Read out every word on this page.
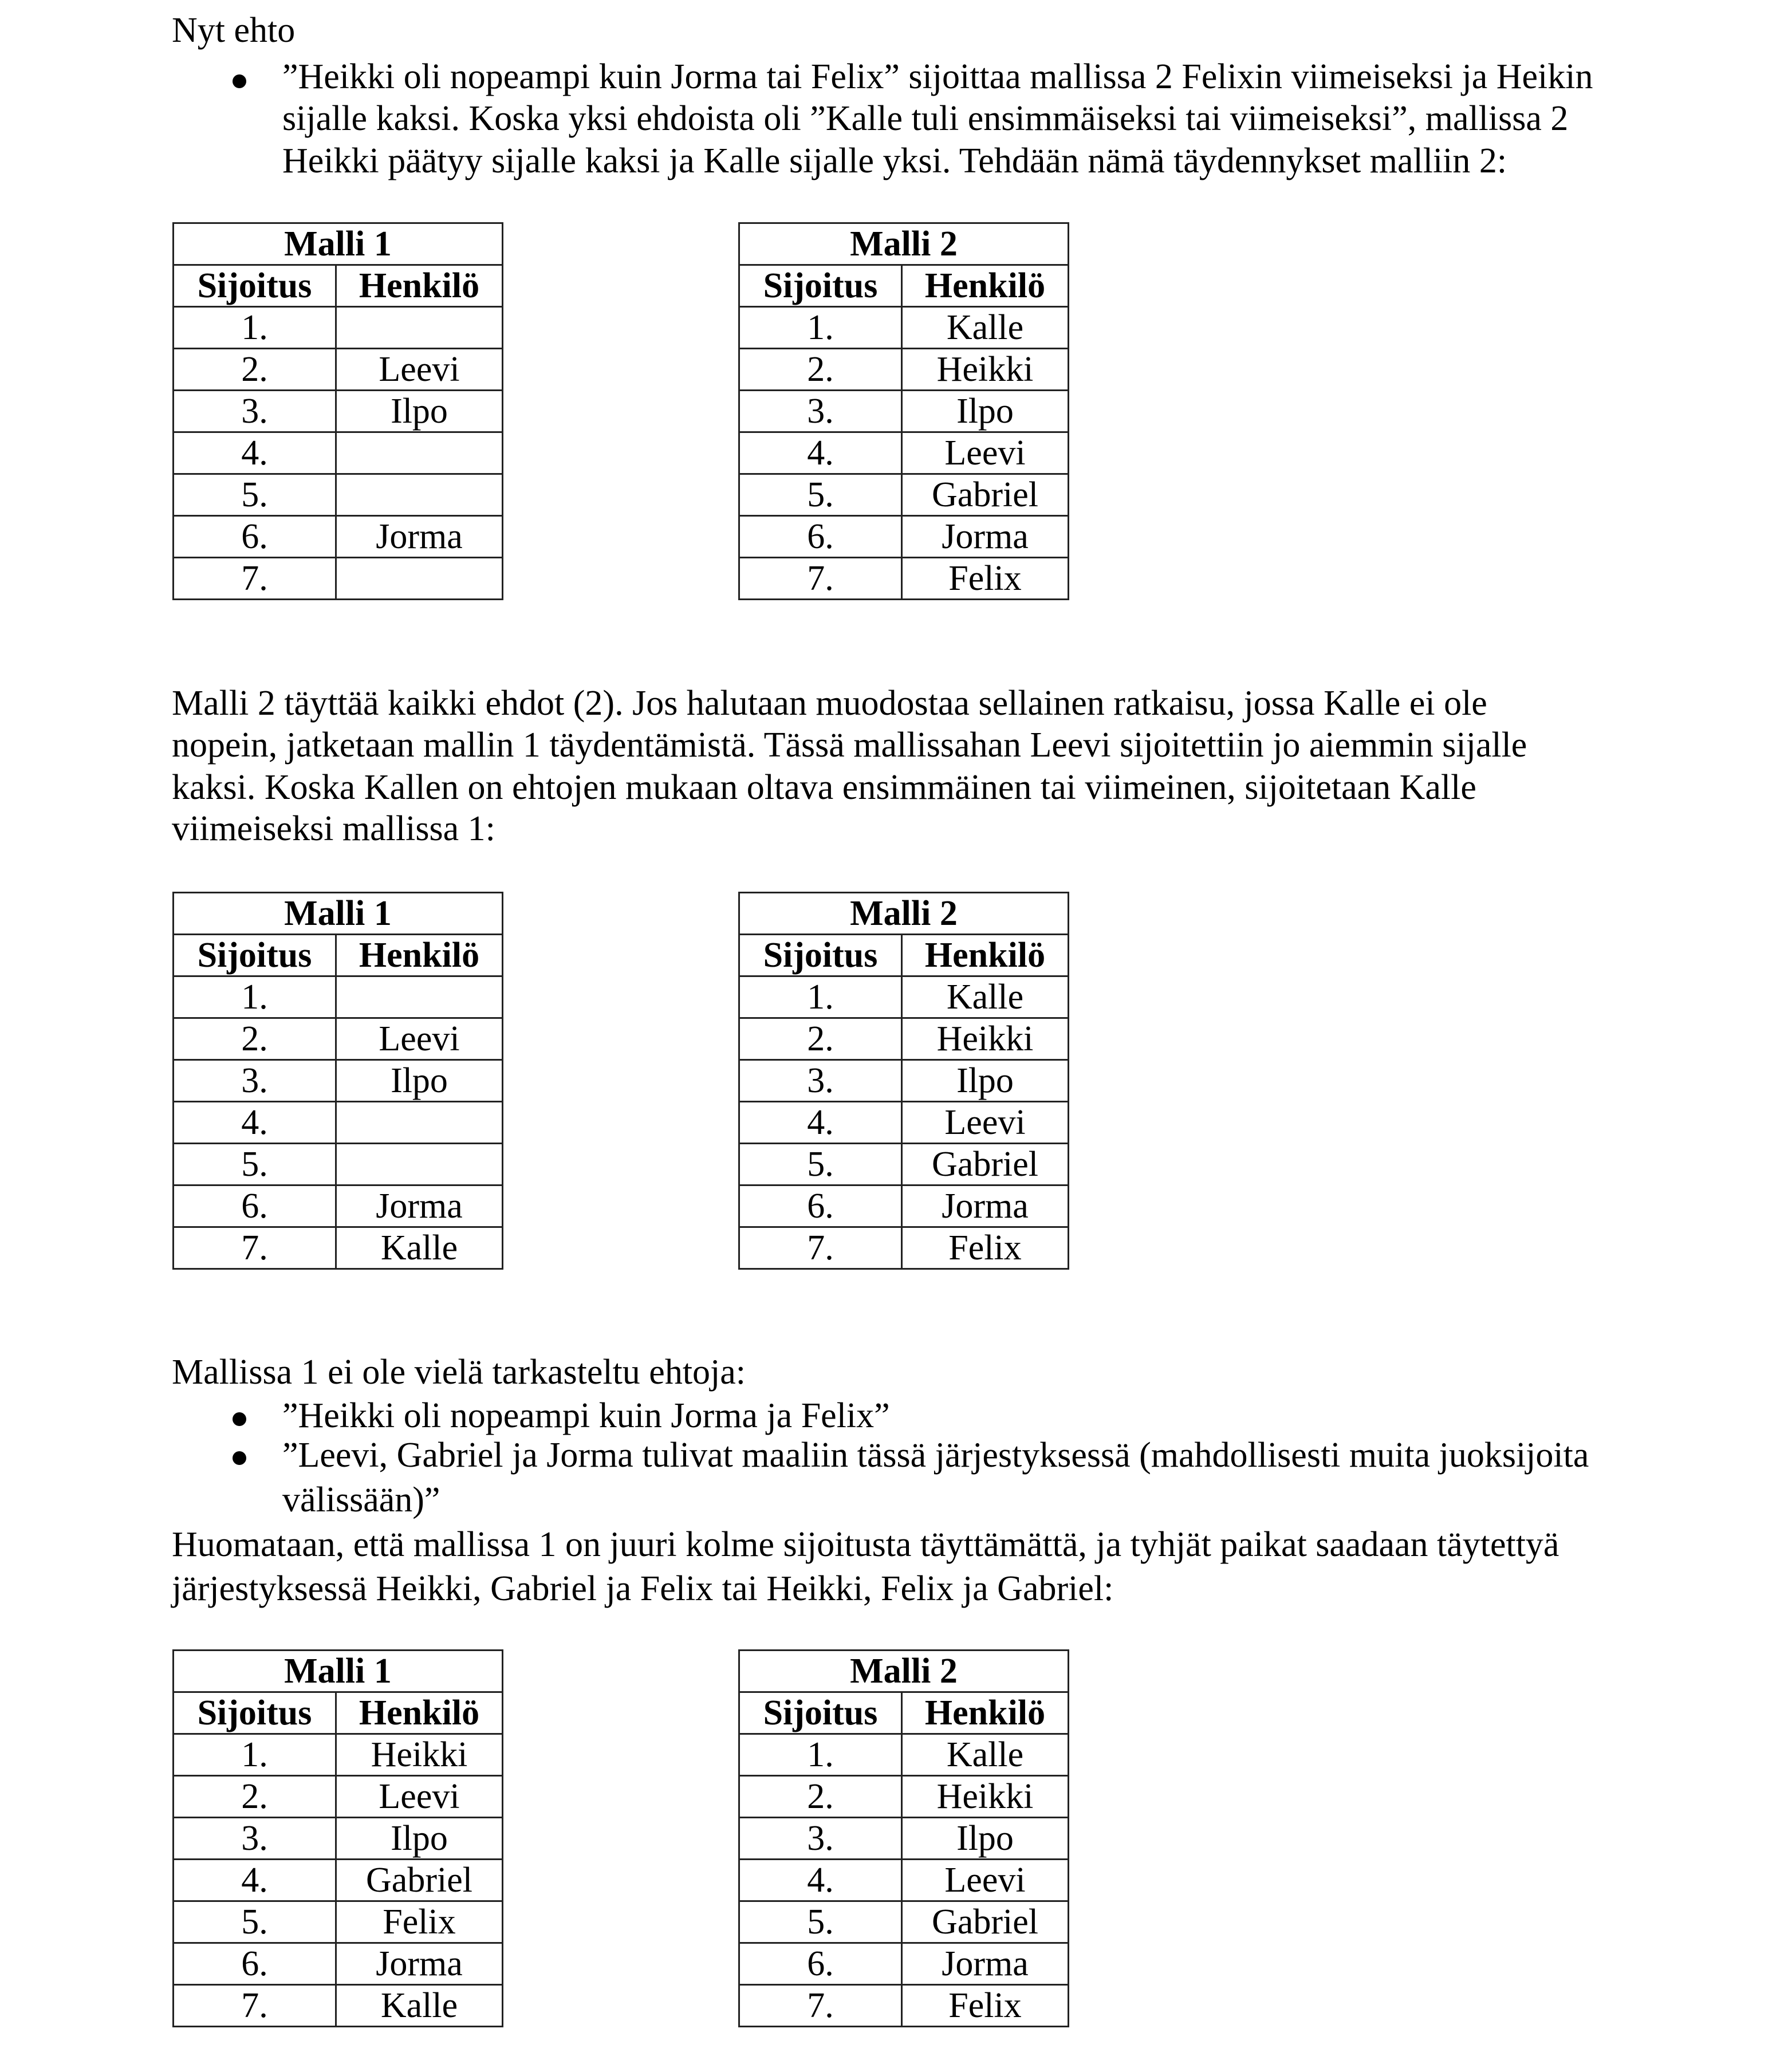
Nyt ehto
”Heikki oli nopeampi kuin Jorma tai Felix” sijoittaa mallissa 2 Felixin viimeiseksi ja Heikin
sijalle kaksi. Koska yksi ehdoista oli ”Kalle tuli ensimmäiseksi tai viimeiseksi”, mallissa 2
Heikki päätyy sijalle kaksi ja Kalle sijalle yksi. Tehdään nämä täydennykset malliin 2:
Malli 1	
Sijoitus	Henkilö
1.	
2.	Leevi
3.	Ilpo
4.	
5.	
6.	Jorma
7.	
Malli 2	
Sijoitus	Henkilö
1.	Kalle
2.	Heikki
3.	Ilpo
4.	Leevi
5.	Gabriel
6.	Jorma
7.	Felix
Malli 2 täyttää kaikki ehdot (2). Jos halutaan muodostaa sellainen ratkaisu, jossa Kalle ei ole
nopein, jatketaan mallin 1 täydentämistä. Tässä mallissahan Leevi sijoitettiin jo aiemmin sijalle
kaksi. Koska Kallen on ehtojen mukaan oltava ensimmäinen tai viimeinen, sijoitetaan Kalle
viimeiseksi mallissa 1:
Malli 1	
Sijoitus	Henkilö
1.	
2.	Leevi
3.	Ilpo
4.	
5.	
6.	Jorma
7.	Kalle
Malli 2	
Sijoitus	Henkilö
1.	Kalle
2.	Heikki
3.	Ilpo
4.	Leevi
5.	Gabriel
6.	Jorma
7.	Felix
Mallissa 1 ei ole vielä tarkasteltu ehtoja:
”Heikki oli nopeampi kuin Jorma ja Felix”
”Leevi, Gabriel ja Jorma tulivat maaliin tässä järjestyksessä (mahdollisesti muita juoksijoita
välissään)”
Huomataan, että mallissa 1 on juuri kolme sijoitusta täyttämättä, ja tyhjät paikat saadaan täytettyä
järjestyksessä Heikki, Gabriel ja Felix tai Heikki, Felix ja Gabriel:
Malli 1	
Sijoitus	Henkilö
1.	Heikki
2.	Leevi
3.	Ilpo
4.	Gabriel
5.	Felix
6.	Jorma
7.	Kalle
Malli 2	
Sijoitus	Henkilö
1.	Kalle
2.	Heikki
3.	Ilpo
4.	Leevi
5.	Gabriel
6.	Jorma
7.	Felix
